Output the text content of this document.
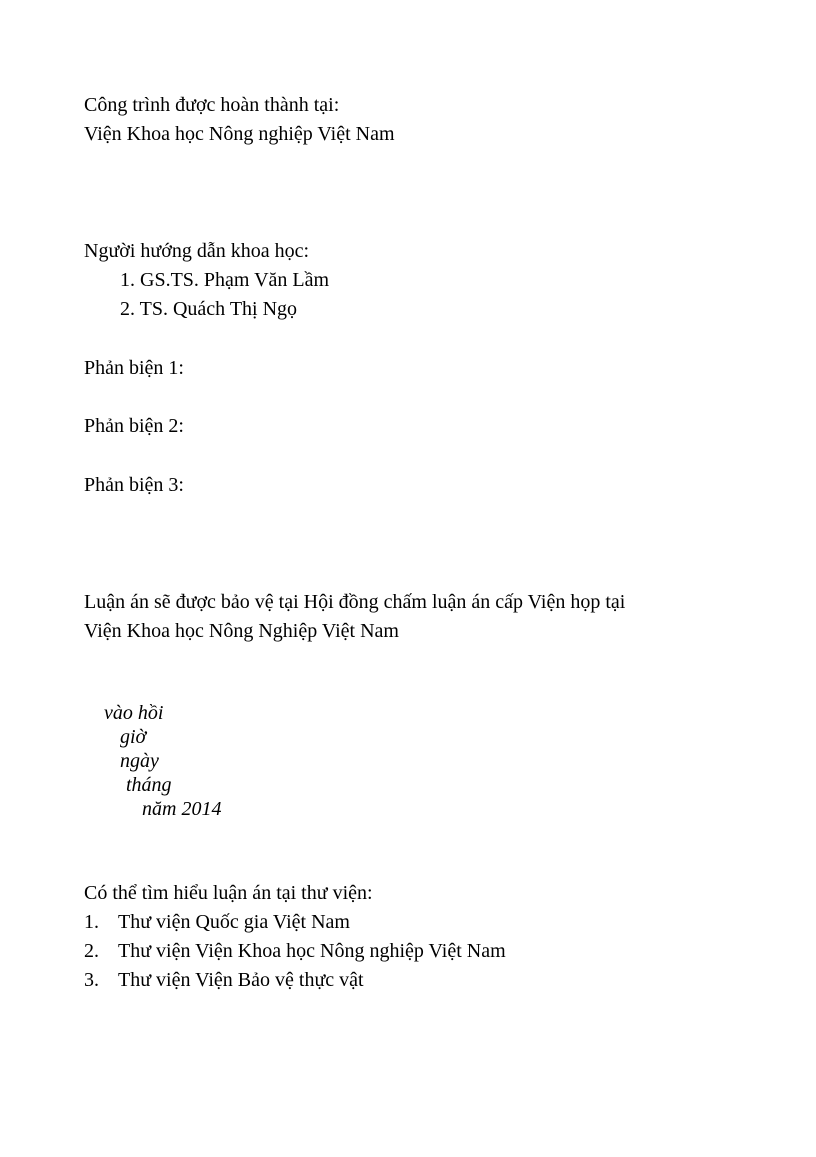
Công trình được hoàn thành tại:
Viện Khoa học Nông nghiệp Việt Nam
Người hướng dẫn khoa học:
1. GS.TS. Phạm Văn Lầm
2. TS. Quách Thị Ngọ
Phản biện 1:
Phản biện 2:
Phản biện 3:
Luận án sẽ được bảo vệ tại Hội đồng chấm luận án cấp Viện họp tại
Viện Khoa học Nông Nghiệp Việt Nam

vào hồi
giờ
ngày
tháng
năm 2014

Có thể tìm hiểu luận án tại thư viện:
1. Thư viện Quốc gia Việt Nam
2. Thư viện Viện Khoa học Nông nghiệp Việt Nam
3. Thư viện Viện Bảo vệ thực vật
